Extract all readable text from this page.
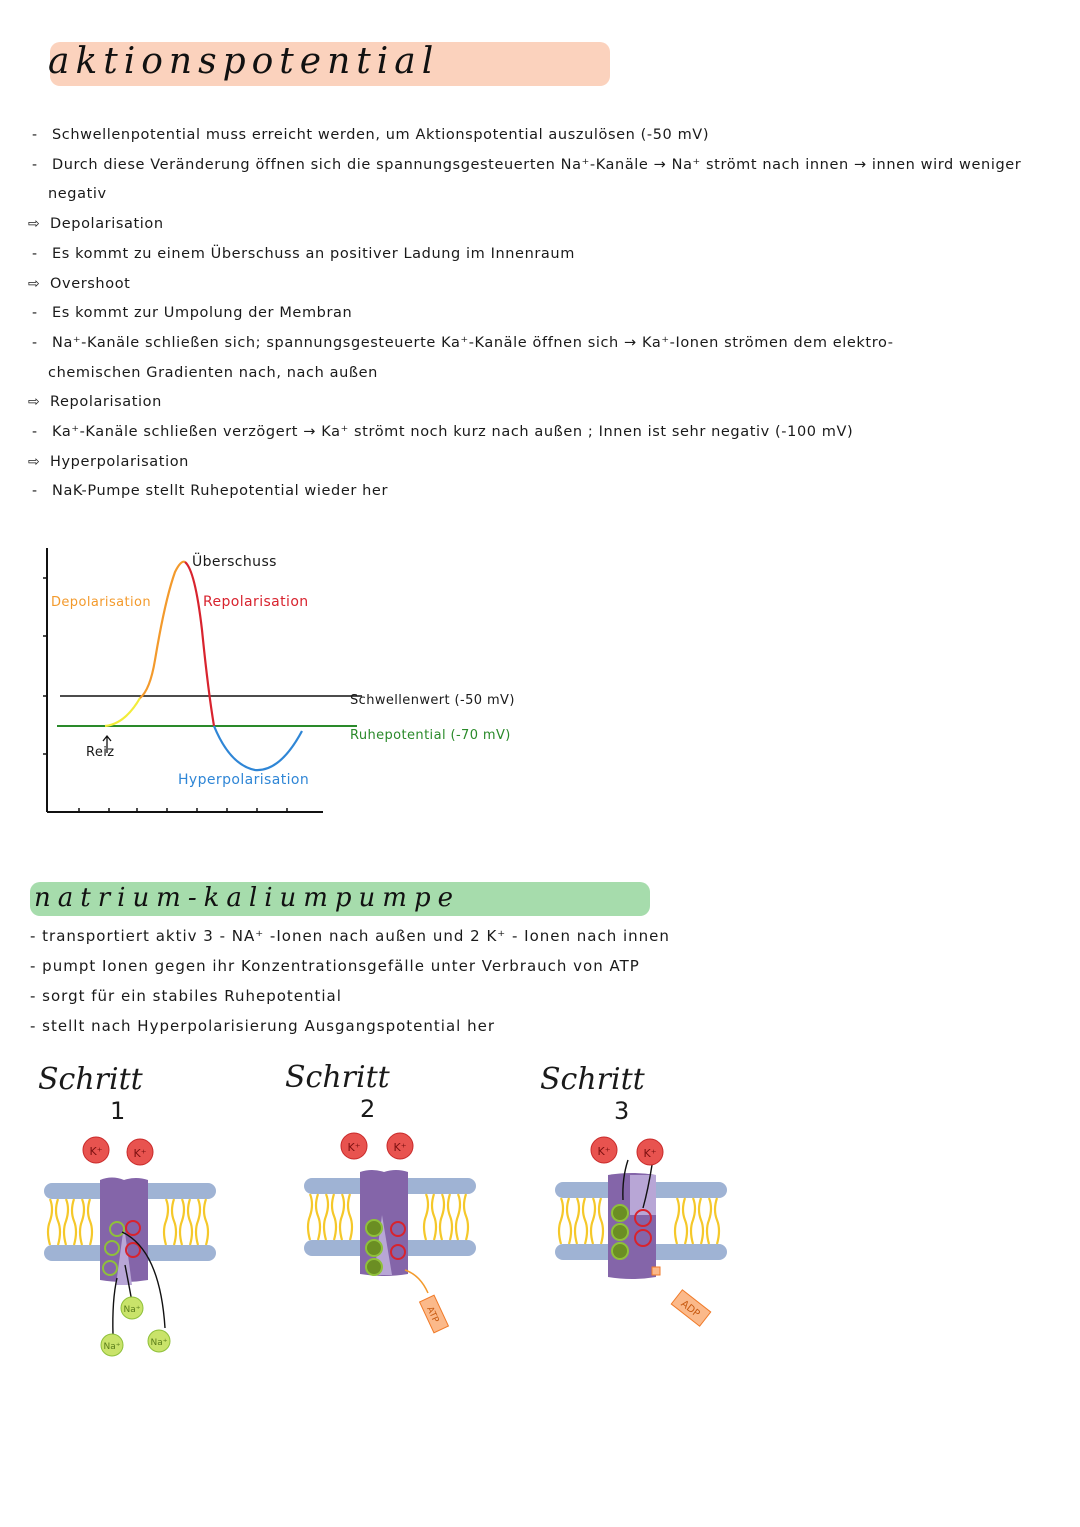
aktionspotential
- Schwellenpotential muss erreicht werden, um Aktionspotential auszulösen (-50 mV)
- Durch diese Veränderung öffnen sich die spannungsgesteuerten Na⁺-Kanäle → Na⁺ strömt nach innen → innen wird weniger
negativ
⇨ Depolarisation
- Es kommt zu einem Überschuss an positiver Ladung im Innenraum
⇨ Overshoot
- Es kommt zur Umpolung der Membran
- Na⁺-Kanäle schließen sich; spannungsgesteuerte Ka⁺-Kanäle öffnen sich → Ka⁺-Ionen strömen dem elektro-
chemischen Gradienten nach, nach außen
⇨ Repolarisation
- Ka⁺-Kanäle schließen verzögert → Ka⁺ strömt noch kurz nach außen ; Innen ist sehr negativ (-100 mV)
⇨ Hyperpolarisation
- NaK-Pumpe stellt Ruhepotential wieder her
Überschuss
Depolarisation	Repolarisation
Schwellenwert (-50 mV)
Ruhepotential (-70 mV)
Reiz
Hyperpolarisation
natrium-kaliumpumpe
- transportiert aktiv 3 - NA⁺ -Ionen nach außen und 2 K⁺ - Ionen nach innen
- pumpt Ionen gegen ihr Konzentrationsgefälle unter Verbrauch von ATP
- sorgt für ein stabiles Ruhepotential
- stellt nach Hyperpolarisierung Ausgangspotential her
Schritt
1
Schritt
2
Schritt
3
K⁺	K⁺
Na⁺
Na⁺	Na⁺
ATP
K⁺	K⁺
ADP
K⁺	K⁺
